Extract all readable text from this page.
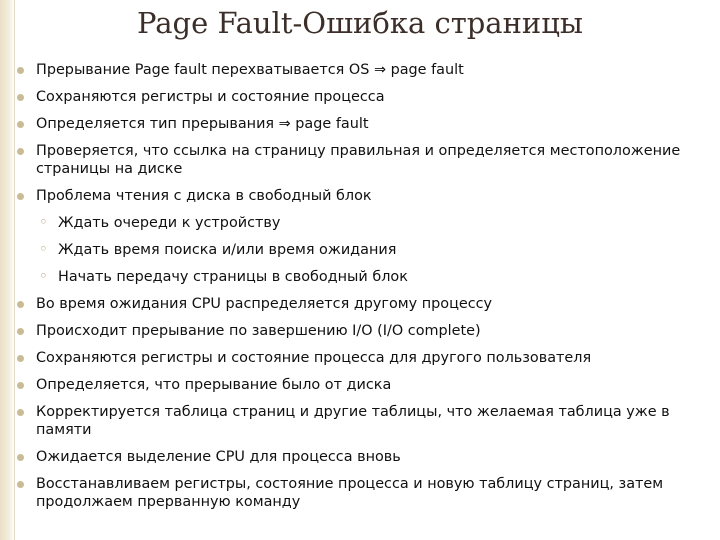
Page Fault-Ошибка страницы
Прерывание Page fault перехватывается OS ⇒ page fault
Сохраняются регистры и состояние процесса
Определяется тип прерывания ⇒ page fault
Проверяется, что ссылка на страницу правильная и определяется местоположение страницы на диске
Проблема чтения с диска в свободный блок
◦ Ждать очереди к устройству
◦ Ждать время поиска и/или время ожидания
◦ Начать передачу страницы в свободный блок
Во время ожидания CPU распределяется другому процессу
Происходит прерывание по завершению I/O (I/O complete)
Сохраняются регистры и состояние процесса для другого пользователя
Определяется, что прерывание было от диска
Корректируется таблица страниц и другие таблицы, что желаемая таблица уже в памяти
Ожидается выделение CPU для процесса вновь
Восстанавливаем регистры, состояние процесса и новую таблицу страниц, затем продолжаем прерванную команду
